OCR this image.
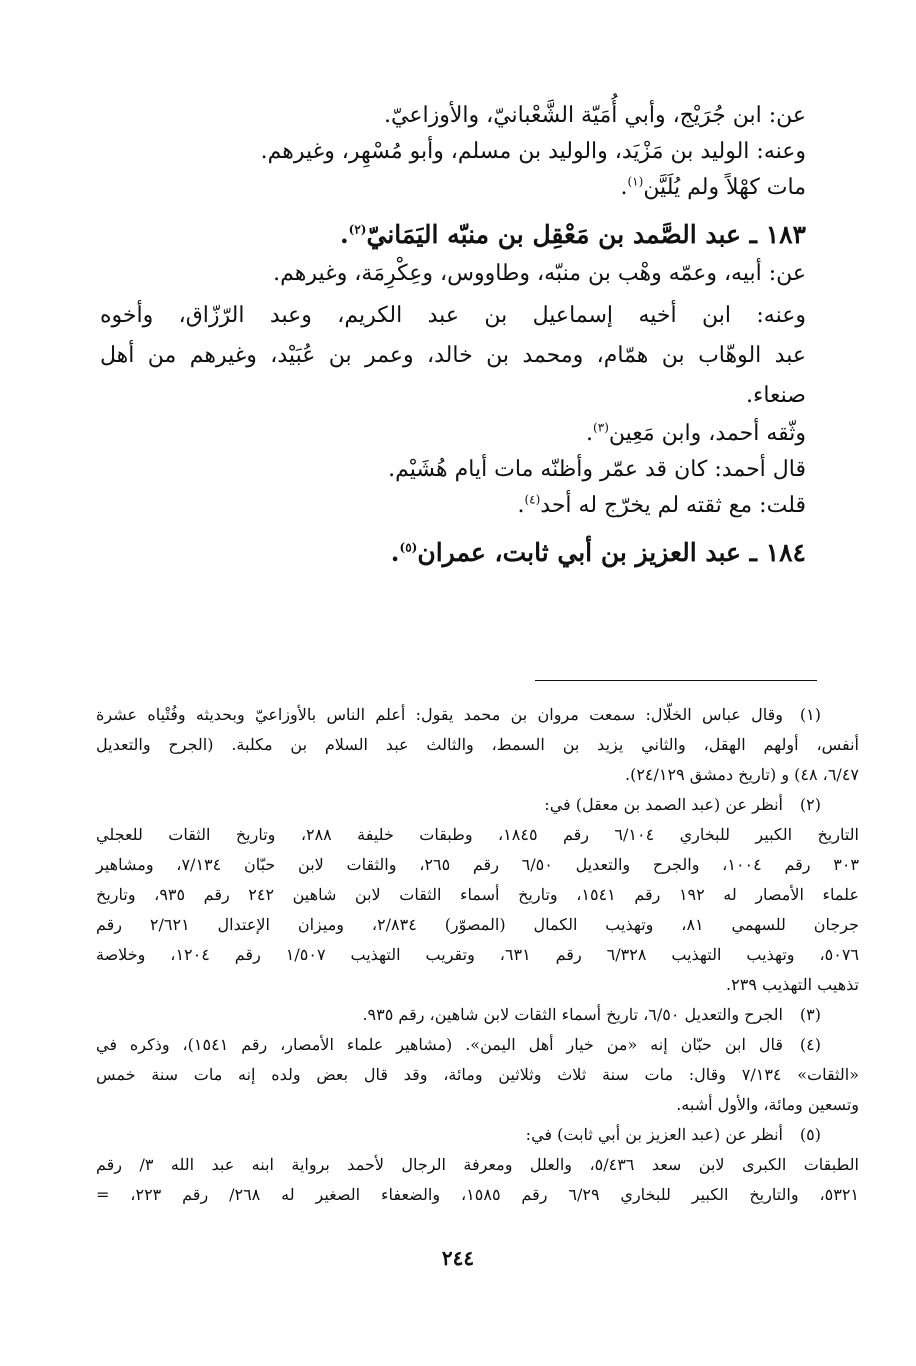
عن: ابن جُرَيْج، وأبي أُمَيّة الشَّعْبانيّ، والأوزاعيّ.
وعنه: الوليد بن مَزْيَد، والوليد بن مسلم، وأبو مُسْهِر، وغيرهم.
مات كهْلاً ولم يُلَيَّن$^{(١)}$.
١٨٣ ـ عبد الصَّمد بن مَعْقِل بن منبّه اليَمَانيّ$^{(٢)}$.
عن: أبيه، وعمّه وهْب بن منبّه، وطاووس، وعِكْرِمَة، وغيرهم.
وعنه: ابن أخيه إسماعيل بن عبد الكريم، وعبد الرّزّاق، وأخوه
عبد الوهّاب بن همّام، ومحمد بن خالد، وعمر بن عُبَيْد، وغيرهم من أهل
صنعاء.
وثّقه أحمد، وابن مَعِين$^{(٣)}$.
قال أحمد: كان قد عمّر وأظنّه مات أيام هُشَيْم.
قلت: مع ثقته لم يخرّج له أحد$^{(٤)}$.
١٨٤ ـ عبد العزيز بن أبي ثابت، عمران$^{(٥)}$.
(١)
وقال عباس الخلّال: سمعت مروان بن محمد يقول: أعلم الناس بالأوزاعيّ وبحديثه وفُتْياه عشرة
أنفس، أولهم الهقل، والثاني يزيد بن السمط، والثالث عبد السلام بن مكلبة. (الجرح والتعديل
٦/٤٧، ٤٨) و (تاريخ دمشق ٢٤/١٢٩).
(٢)
أنظر عن (عبد الصمد بن معقل) في:
التاريخ الكبير للبخاري ٦/١٠٤ رقم ١٨٤٥، وطبقات خليفة ٢٨٨، وتاريخ الثقات للعجلي
٣٠٣ رقم ١٠٠٤، والجرح والتعديل ٦/٥٠ رقم ٢٦٥، والثقات لابن حبّان ٧/١٣٤، ومشاهير
علماء الأمصار له ١٩٢ رقم ١٥٤١، وتاريخ أسماء الثقات لابن شاهين ٢٤٢ رقم ٩٣٥، وتاريخ
جرجان للسهمي ٨١، وتهذيب الكمال (المصوّر) ٢/٨٣٤، وميزان الإعتدال ٢/٦٢١ رقم
٥٠٧٦، وتهذيب التهذيب ٦/٣٢٨ رقم ٦٣١، وتقريب التهذيب ١/٥٠٧ رقم ١٢٠٤، وخلاصة
تذهيب التهذيب ٢٣٩.
(٣)
الجرح والتعديل ٦/٥٠، تاريخ أسماء الثقات لابن شاهين، رقم ٩٣٥.
(٤)
قال ابن حبّان إنه «من خيار أهل اليمن». (مشاهير علماء الأمصار، رقم ١٥٤١)، وذكره في
«الثقات» ٧/١٣٤ وقال: مات سنة ثلاث وثلاثين ومائة، وقد قال بعض ولده إنه مات سنة خمس
وتسعين ومائة، والأول أشبه.
(٥)
أنظر عن (عبد العزيز بن أبي ثابت) في:
الطبقات الكبرى لابن سعد ٥/٤٣٦، والعلل ومعرفة الرجال لأحمد برواية ابنه عبد الله ٣/ رقم
٥٣٢١، والتاريخ الكبير للبخاري ٦/٢٩ رقم ١٥٨٥، والضعفاء الصغير له ٢٦٨/ رقم ٢٢٣، =
٢٤٤
